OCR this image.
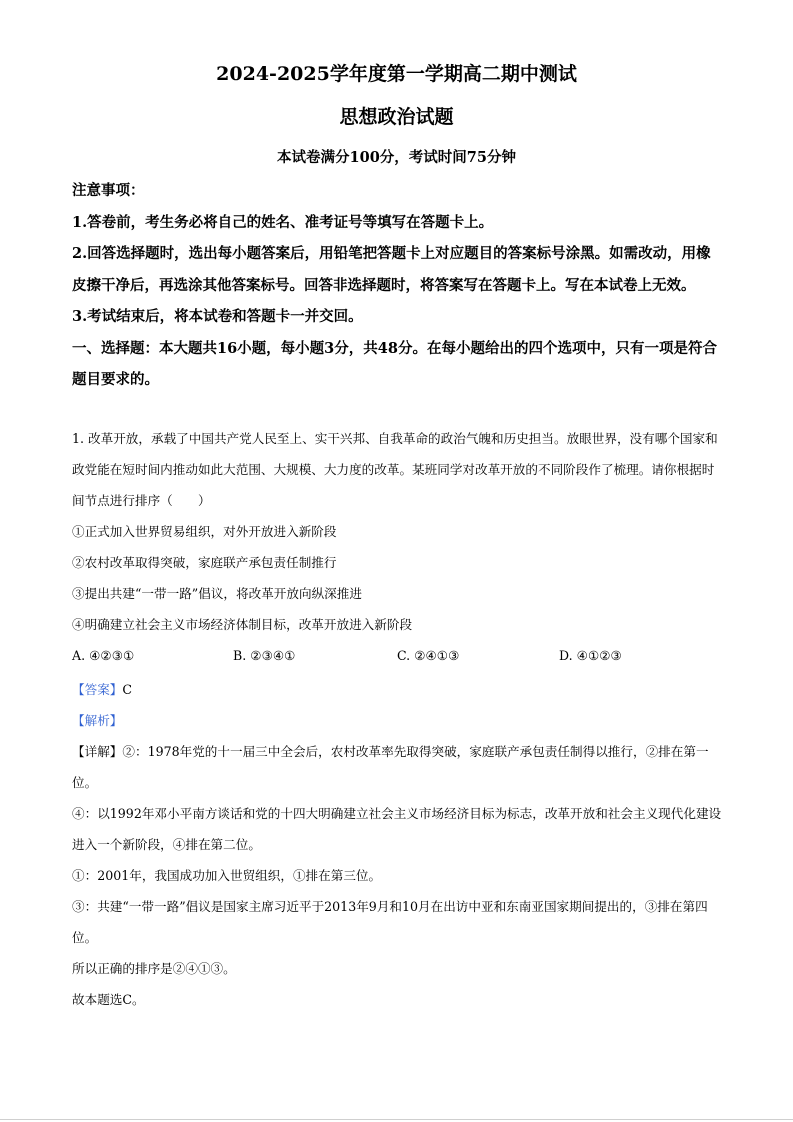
2024-2025学年度第一学期高二期中测试
思想政治试题

本试卷满分100分，考试时间75分钟

注意事项：
1.答卷前，考生务必将自己的姓名、准考证号等填写在答题卡上。
2.回答选择题时，选出每小题答案后，用铅笔把答题卡上对应题目的答案标号涂黑。如需改动，用橡皮擦干净后，再选涂其他答案标号。回答非选择题时，将答案写在答题卡上。写在本试卷上无效。
3.考试结束后，将本试卷和答题卡一并交回。
一、选择题：本大题共16小题，每小题3分，共48分。在每小题给出的四个选项中，只有一项是符合题目要求的。

1. 改革开放，承载了中国共产党人民至上、实干兴邦、自我革命的政治气魄和历史担当。放眼世界，没有哪个国家和政党能在短时间内推动如此大范围、大规模、大力度的改革。某班同学对改革开放的不同阶段作了梳理。请你根据时间节点进行排序（　　）

①正式加入世界贸易组织，对外开放进入新阶段

②农村改革取得突破，家庭联产承包责任制推行

③提出共建“一带一路”倡议，将改革开放向纵深推进

④明确建立社会主义市场经济体制目标，改革开放进入新阶段

A. ④②③①	B. ②③④①	C. ②④①③	D. ④①②③

【答案】C

【解析】

【详解】②：1978年党的十一届三中全会后，农村改革率先取得突破，家庭联产承包责任制得以推行，②排在第一位。

④：以1992年邓小平南方谈话和党的十四大明确建立社会主义市场经济目标为标志，改革开放和社会主义现代化建设进入一个新阶段，④排在第二位。

①：2001年，我国成功加入世贸组织，①排在第三位。

③：共建“一带一路”倡议是国家主席习近平于2013年9月和10月在出访中亚和东南亚国家期间提出的，③排在第四位。

所以正确的排序是②④①③。

故本题选C。
